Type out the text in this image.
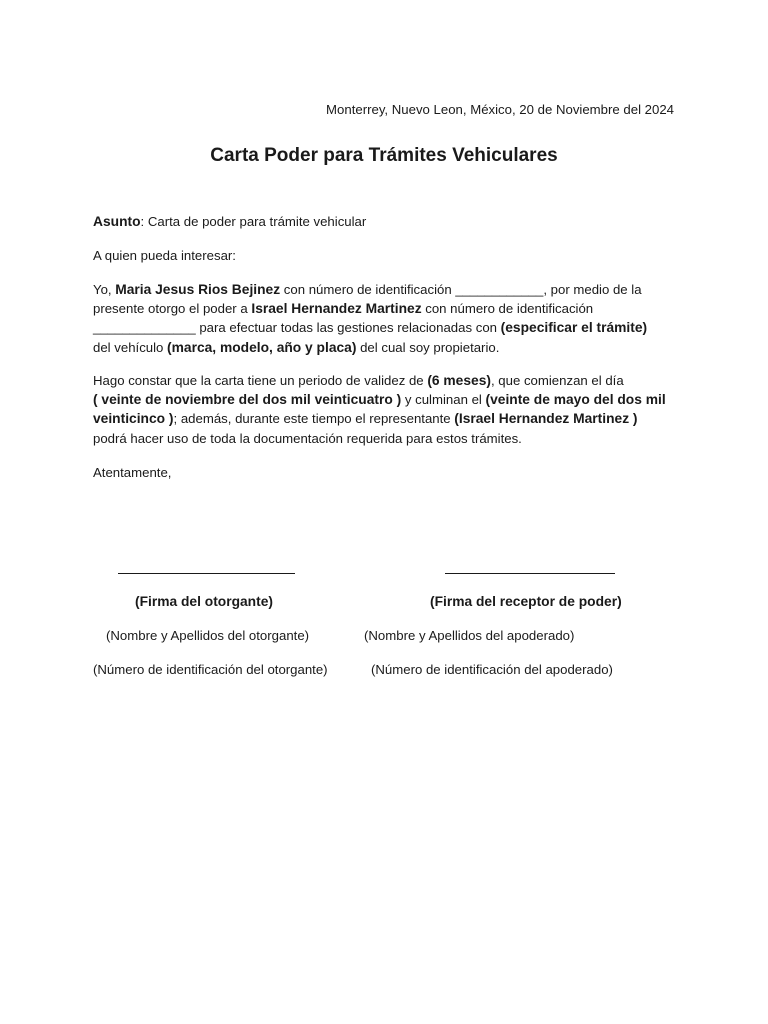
Monterrey, Nuevo Leon, México, 20 de Noviembre del 2024
Carta Poder para Trámites Vehiculares
Asunto: Carta de poder para trámite vehicular
A quien pueda interesar:
Yo, Maria Jesus Rios Bejinez con número de identificación ____________, por medio de la
presente otorgo el poder a Israel Hernandez Martinez con número de identificación
______________ para efectuar todas las gestiones relacionadas con (especificar el trámite)
del vehículo (marca, modelo, año y placa) del cual soy propietario.
Hago constar que la carta tiene un periodo de validez de (6 meses), que comienzan el día
( veinte de noviembre del dos mil veinticuatro ) y culminan el (veinte de mayo del dos mil
veinticinco ); además, durante este tiempo el representante (Israel Hernandez Martinez )
podrá hacer uso de toda la documentación requerida para estos trámites.
Atentamente,
(Firma del otorgante)	(Firma del receptor de poder)
(Nombre y Apellidos del otorgante)	(Nombre y Apellidos del apoderado)
(Número de identificación del otorgante)	(Número de identificación del apoderado)
